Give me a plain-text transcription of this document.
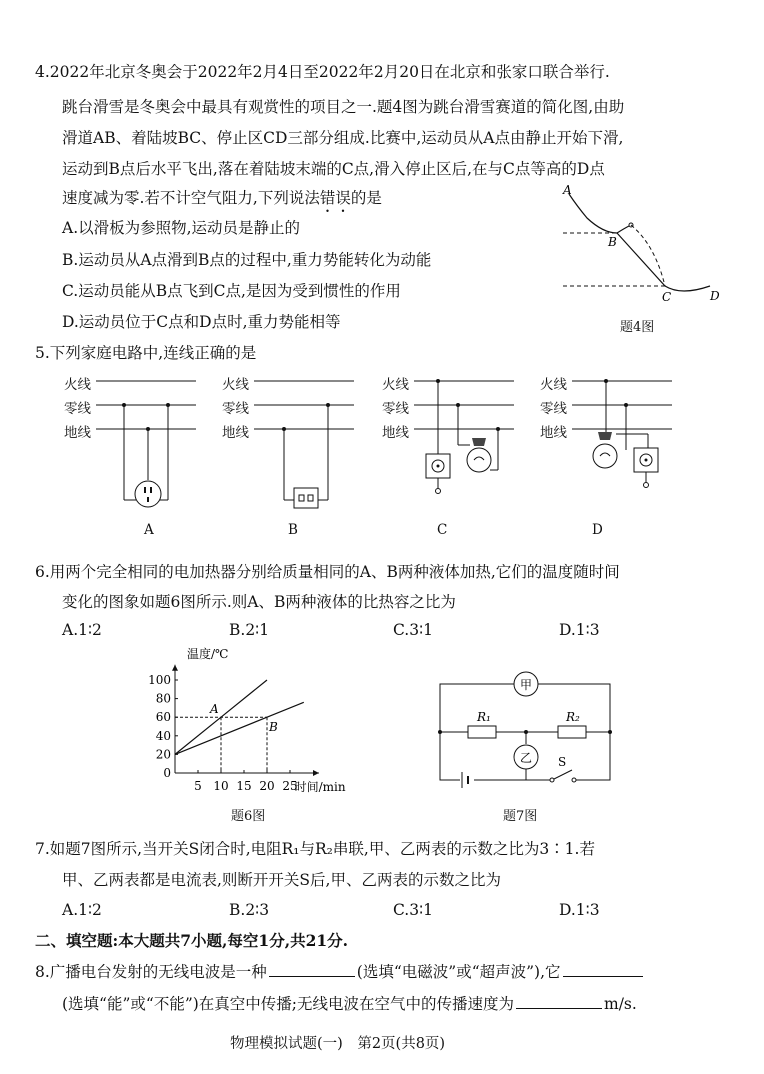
4.2022年北京冬奥会于2022年2月4日至2022年2月20日在北京和张家口联合举行.
跳台滑雪是冬奥会中最具有观赏性的项目之一.题4图为跳台滑雪赛道的简化图,由助
滑道AB、着陆坡BC、停止区CD三部分组成.比赛中,运动员从A点由静止开始下滑,
运动到B点后水平飞出,落在着陆坡末端的C点,滑入停止区后,在与C点等高的D点
速度减为零.若不计空气阻力,下列说法错误的是
A.以滑板为参照物,运动员是静止的
B.运动员从A点滑到B点的过程中,重力势能转化为动能
C.运动员能从B点飞到C点,是因为受到惯性的作用
D.运动员位于C点和D点时,重力势能相等
A
B
C	D
题4图
5.下列家庭电路中,连线正确的是
火线
零线
地线
A
火线
零线
地线
B
火线
零线
地线
C
火线
零线
地线
D
6.用两个完全相同的电加热器分别给质量相同的A、B两种液体加热,它们的温度随时间
变化的图象如题6图所示.则A、B两种液体的比热容之比为
A.1∶2	B.2∶1	C.3∶1	D.1∶3
0
20
40
60
80
100
5 10 15 20 25
A
B
温度/℃
时间/min
题6图
甲
R₁	R₂
乙 S
题7图
7.如题7图所示,当开关S闭合时,电阻R₁与R₂串联,甲、乙两表的示数之比为3∶1.若
甲、乙两表都是电流表,则断开开关S后,甲、乙两表的示数之比为
A.1∶2	B.2∶3	C.3∶1	D.1∶3
二、填空题:本大题共7小题,每空1分,共21分.
8.广播电台发射的无线电波是一种	(选填“电磁波”或“超声波”),它
(选填“能”或“不能”)在真空中传播;无线电波在空气中的传播速度为	m/s.
物理模拟试题(一)　第2页(共8页)
